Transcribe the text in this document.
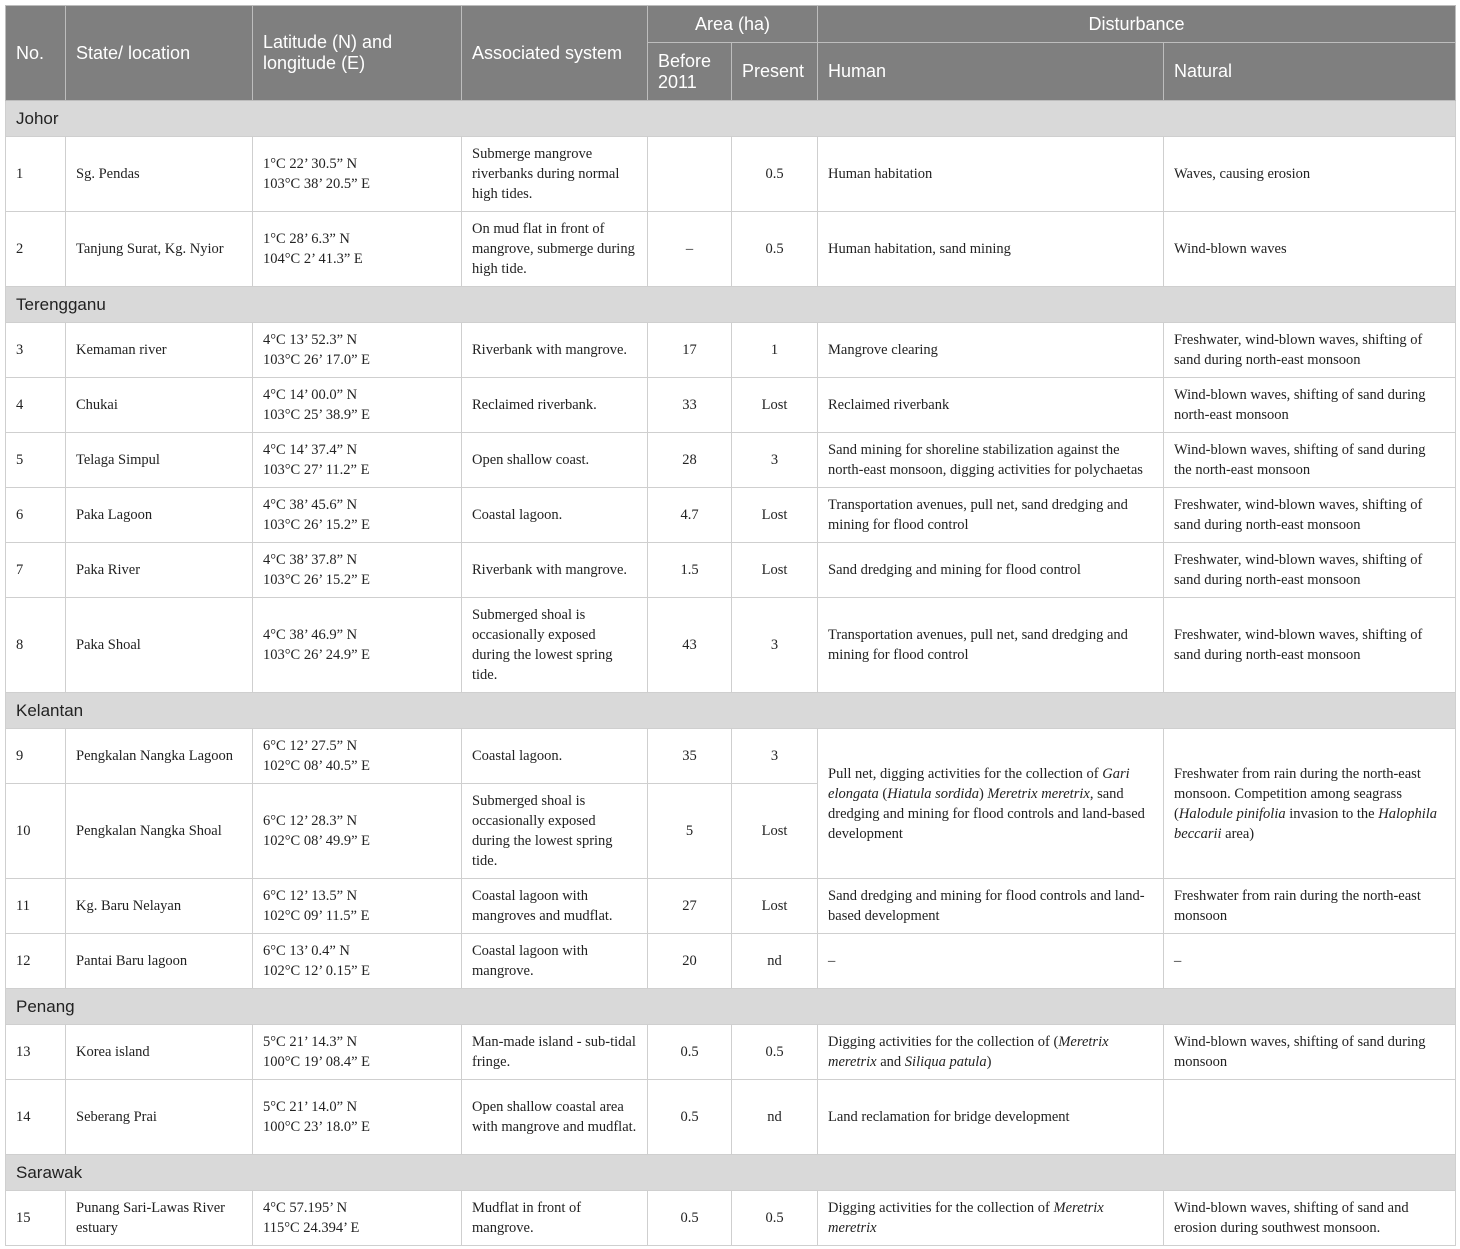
No.	State/ location	Latitude (N) and longitude (E)	Associated system	Area (ha)		Disturbance	
				Before 2011	Present	Human	Natural
Johor							
1	Sg. Pendas	1°C 22’ 30.5” N
103°C 38’ 20.5” E	Submerge mangrove riverbanks during normal high tides.		0.5	Human habitation	Waves, causing erosion
2	Tanjung Surat, Kg. Nyior	1°C 28’ 6.3” N
104°C 2’ 41.3” E	On mud flat in front of mangrove, submerge during high tide.	–	0.5	Human habitation, sand mining	Wind-blown waves
Terengganu							
3	Kemaman river	4°C 13’ 52.3” N
103°C 26’ 17.0” E	Riverbank with mangrove.	17	1	Mangrove clearing	Freshwater, wind-blown waves, shifting of sand during north-east monsoon
4	Chukai	4°C 14’ 00.0” N
103°C 25’ 38.9” E	Reclaimed riverbank.	33	Lost	Reclaimed riverbank	Wind-blown waves, shifting of sand during north-east monsoon
5	Telaga Simpul	4°C 14’ 37.4” N
103°C 27’ 11.2” E	Open shallow coast.	28	3	Sand mining for shoreline stabilization against the north-east monsoon, digging activities for polychaetas	Wind-blown waves, shifting of sand during the north-east monsoon
6	Paka Lagoon	4°C 38’ 45.6” N
103°C 26’ 15.2” E	Coastal lagoon.	4.7	Lost	Transportation avenues, pull net, sand dredging and mining for flood control	Freshwater, wind-blown waves, shifting of sand during north-east monsoon
7	Paka River	4°C 38’ 37.8” N
103°C 26’ 15.2” E	Riverbank with mangrove.	1.5	Lost	Sand dredging and mining for flood control	Freshwater, wind-blown waves, shifting of sand during north-east monsoon
8	Paka Shoal	4°C 38’ 46.9” N
103°C 26’ 24.9” E	Submerged shoal is occasionally exposed during the lowest spring tide.	43	3	Transportation avenues, pull net, sand dredging and mining for flood control	Freshwater, wind-blown waves, shifting of sand during north-east monsoon
Kelantan							
9	Pengkalan Nangka Lagoon	6°C 12’ 27.5” N
102°C 08’ 40.5” E	Coastal lagoon.	35	3	Pull net, digging activities for the collection of Gari elongata (Hiatula sordida) Meretrix meretrix, sand dredging and mining for flood controls and land-based development	Freshwater from rain during the north-east monsoon. Competition among seagrass (Halodule pinifolia invasion to the Halophila beccarii area)
10	Pengkalan Nangka Shoal	6°C 12’ 28.3” N
102°C 08’ 49.9” E	Submerged shoal is occasionally exposed during the lowest spring tide.	5	Lost		
11	Kg. Baru Nelayan	6°C 12’ 13.5” N
102°C 09’ 11.5” E	Coastal lagoon with mangroves and mudflat.	27	Lost	Sand dredging and mining for flood controls and land-based development	Freshwater from rain during the north-east monsoon
12	Pantai Baru lagoon	6°C 13’ 0.4” N
102°C 12’ 0.15” E	Coastal lagoon with mangrove.	20	nd	–	–
Penang							
13	Korea island	5°C 21’ 14.3” N
100°C 19’ 08.4” E	Man-made island - sub-tidal fringe.	0.5	0.5	Digging activities for the collection of (Meretrix meretrix and Siliqua patula)	Wind-blown waves, shifting of sand during monsoon
14	Seberang Prai	5°C 21’ 14.0” N
100°C 23’ 18.0” E	Open shallow coastal area with mangrove and mudflat.	0.5	nd	Land reclamation for bridge development	
Sarawak							
15	Punang Sari-Lawas River estuary	4°C 57.195’ N
115°C 24.394’ E	Mudflat in front of mangrove.	0.5	0.5	Digging activities for the collection of Meretrix meretrix	Wind-blown waves, shifting of sand and erosion during southwest monsoon.
